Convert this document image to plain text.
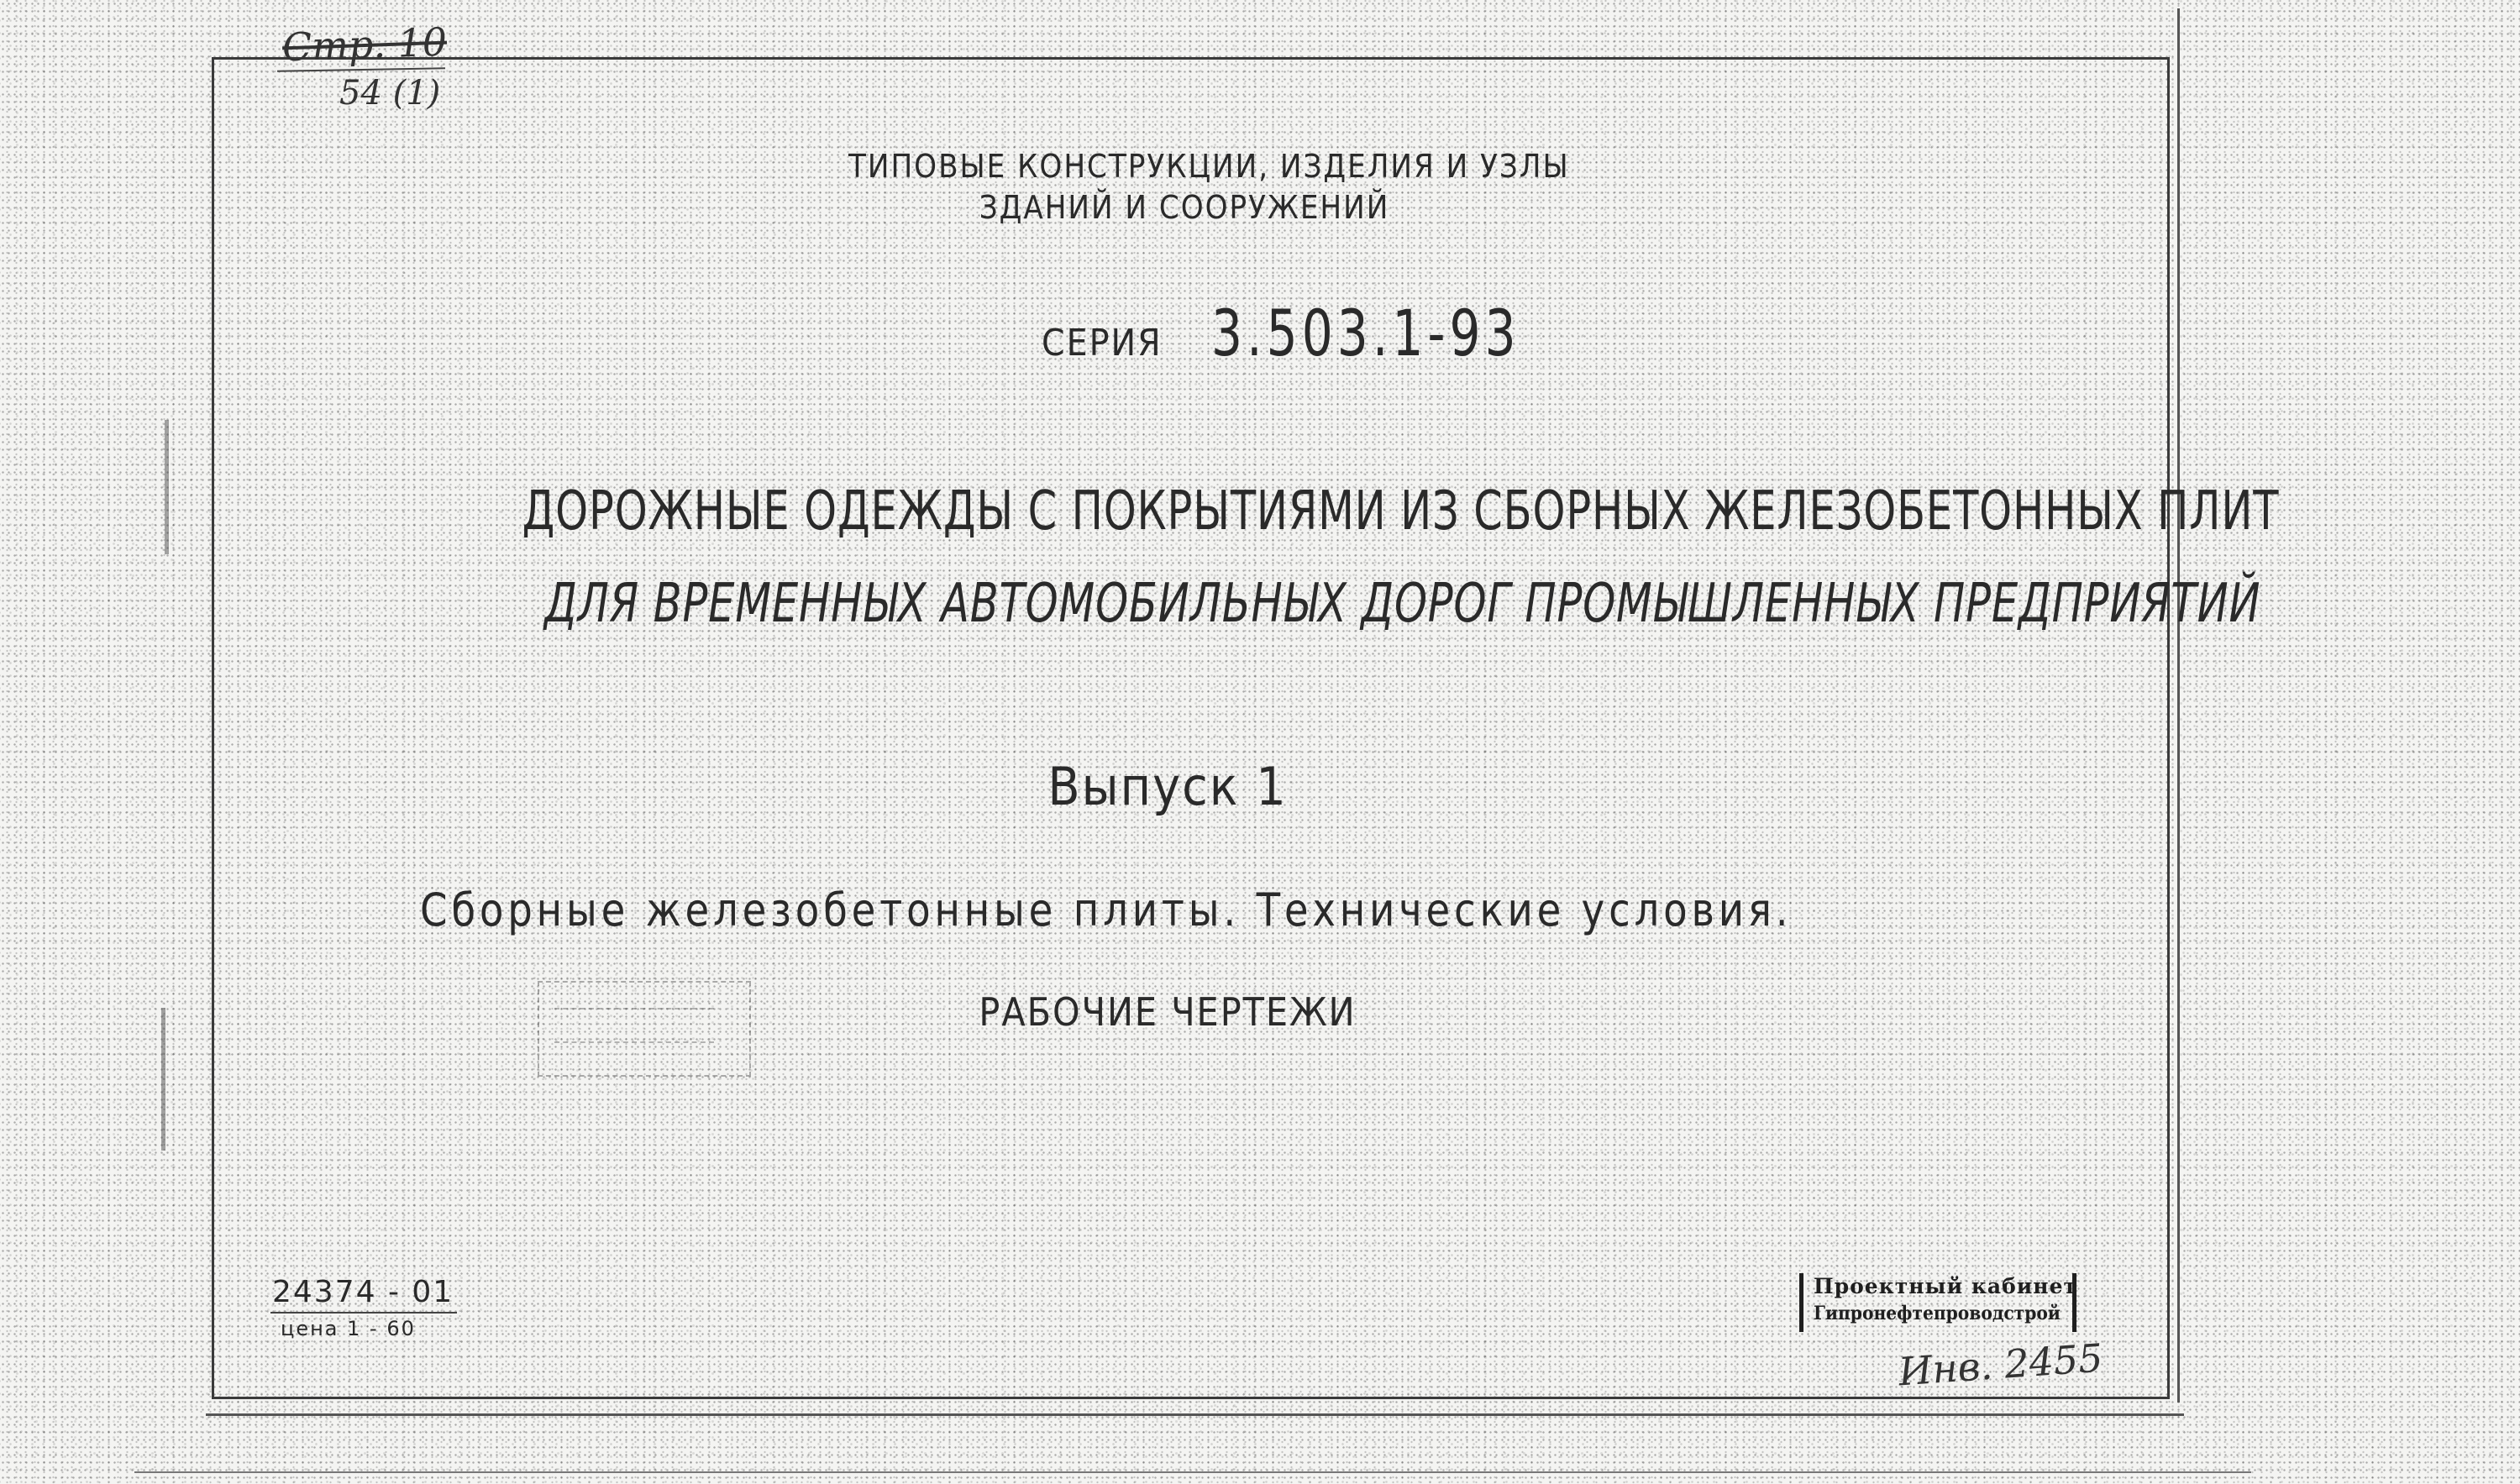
Стр. 10
54 (1)
ТИПОВЫЕ КОНСТРУКЦИИ, ИЗДЕЛИЯ И УЗЛЫ
ЗДАНИЙ И СООРУЖЕНИЙ
СЕРИЯ 3.503.1-93
ДОРОЖНЫЕ ОДЕЖДЫ С ПОКРЫТИЯМИ ИЗ СБОРНЫХ ЖЕЛЕЗОБЕТОННЫХ ПЛИТ
ДЛЯ ВРЕМЕННЫХ АВТОМОБИЛЬНЫХ ДОРОГ ПРОМЫШЛЕННЫХ ПРЕДПРИЯТИЙ
Выпуск 1
Сборные железобетонные плиты. Технические условия.
РАБОЧИЕ ЧЕРТЕЖИ
24374 - 01
цена 1 - 60
Проектный кабинет
Гипронефтепроводстрой
Инв. 2455
